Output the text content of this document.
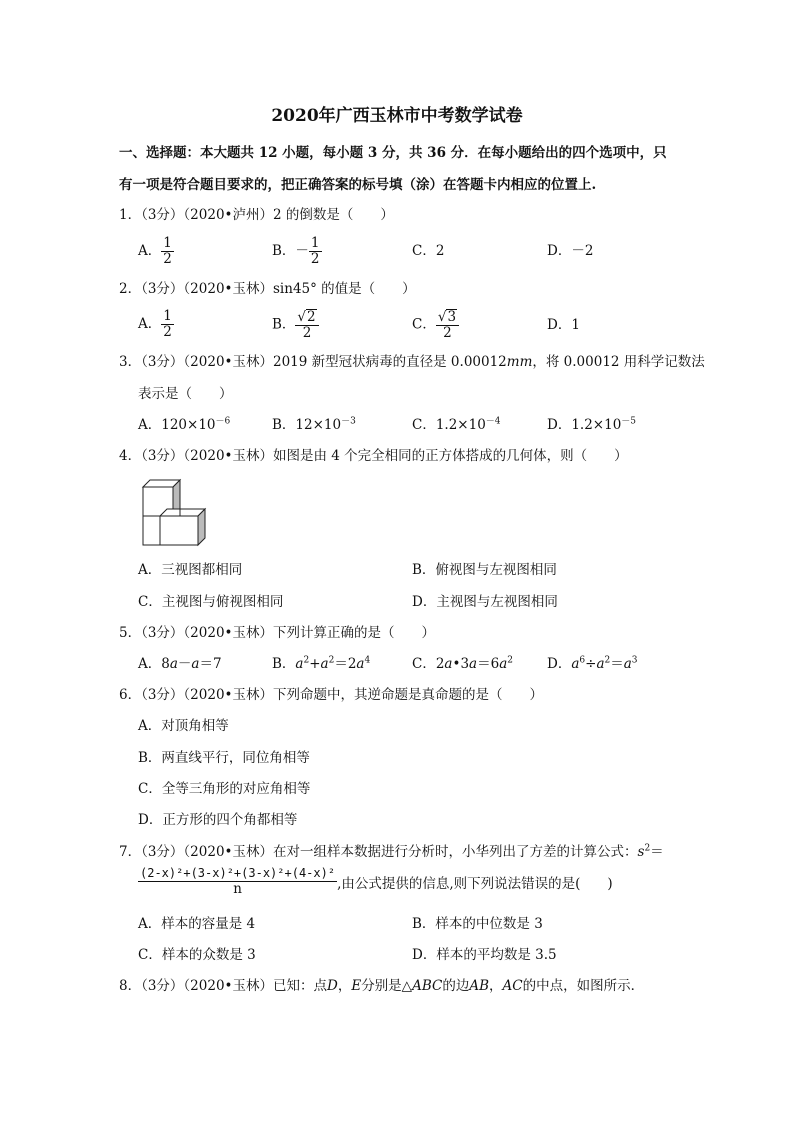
2020年广西玉林市中考数学试卷
一、选择题：本大题共 12 小题，每小题 3 分，共 36 分．在每小题给出的四个选项中，只
有一项是符合题目要求的，把正确答案的标号填（涂）在答题卡内相应的位置上.
1．（3分）（2020•泸州）2 的倒数是（　　）
A． $\frac{1}{2}$	B．－ $\frac{1}{2}$	C．2	D．－2
2．（3分）（2020•玉林）sin45° 的值是（　　）
A． $\frac{1}{2}$	B． $\frac{√2}{2}$	C． $\frac{√3}{2}$	D．1
3．（3分）（2020•玉林）2019 新型冠状病毒的直径是 0.00012mm，将 0.00012 用科学记数法
表示是（　　）
A．$120\times 10^{-6}$	B．$12\times 10^{-3}$	C．$1.2\times 10^{-4}$	D．$1.2\times 10^{-5}$
4．（3分）（2020•玉林）如图是由 4 个完全相同的正方体搭成的几何体，则（　　）
A．三视图都相同	B．俯视图与左视图相同
C．主视图与俯视图相同	D．主视图与左视图相同
5．（3分）（2020•玉林）下列计算正确的是（　　）
A．8a－a＝7	B．$a^2+a^2=2a^4$	C．$2a•3a=6a^2$	D．$a^6\div a^2=a^3$
6．（3分）（2020•玉林）下列命题中，其逆命题是真命题的是（　　）
A．对顶角相等
B．两直线平行，同位角相等
C．全等三角形的对应角相等
D．正方形的四个角都相等
7．（3分）（2020•玉林）在对一组样本数据进行分析时，小华列出了方差的计算公式：$s^2=$
$\frac{\text{(2-x)²+(3-x)²+(3-x)²+(4-x)²}}{n}$ ,由公式提供的信息,则下列说法错误的是(　　)
A．样本的容量是 4	B．样本的中位数是 3
C．样本的众数是 3	D．样本的平均数是 3.5
8．（3分）（2020•玉林）已知：点D，E分别是△ABC的边AB，AC的中点，如图所示．
